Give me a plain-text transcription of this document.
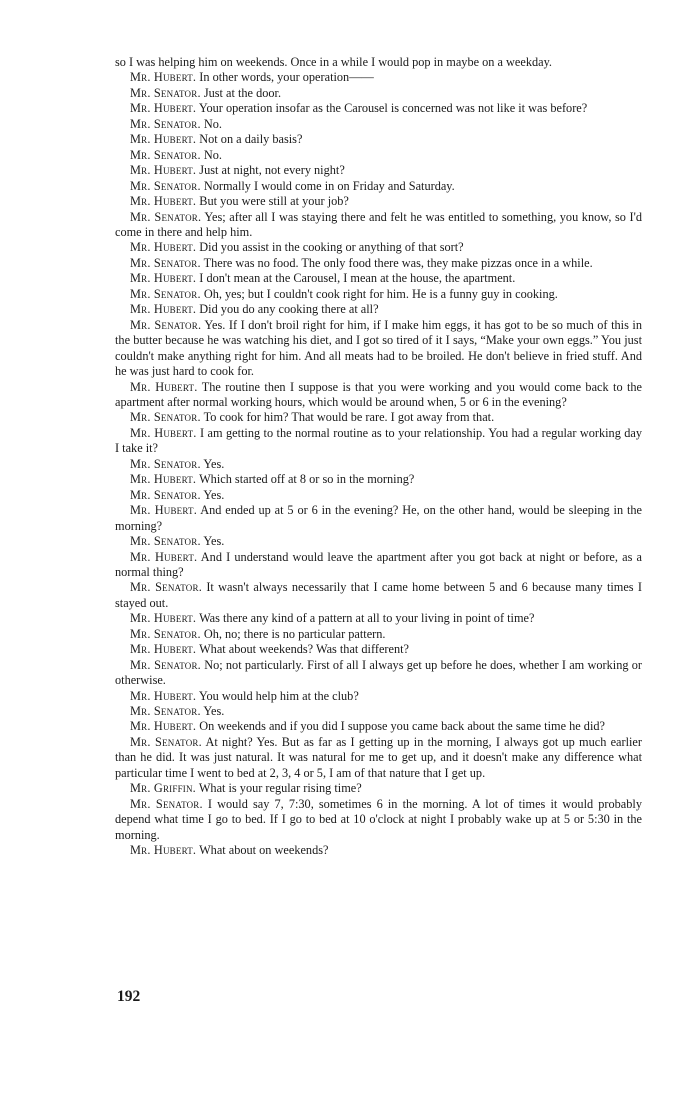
so I was helping him on weekends. Once in a while I would pop in maybe on a weekday.

Mr. Hubert. In other words, your operation——

Mr. Senator. Just at the door.

Mr. Hubert. Your operation insofar as the Carousel is concerned was not like it was before?

Mr. Senator. No.

Mr. Hubert. Not on a daily basis?

Mr. Senator. No.

Mr. Hubert. Just at night, not every night?

Mr. Senator. Normally I would come in on Friday and Saturday.

Mr. Hubert. But you were still at your job?

Mr. Senator. Yes; after all I was staying there and felt he was entitled to something, you know, so I'd come in there and help him.

Mr. Hubert. Did you assist in the cooking or anything of that sort?

Mr. Senator. There was no food. The only food there was, they make pizzas once in a while.

Mr. Hubert. I don't mean at the Carousel, I mean at the house, the apartment.

Mr. Senator. Oh, yes; but I couldn't cook right for him. He is a funny guy in cooking.

Mr. Hubert. Did you do any cooking there at all?

Mr. Senator. Yes. If I don't broil right for him, if I make him eggs, it has got to be so much of this in the butter because he was watching his diet, and I got so tired of it I says, “Make your own eggs.” You just couldn't make anything right for him. And all meats had to be broiled. He don't believe in fried stuff. And he was just hard to cook for.

Mr. Hubert. The routine then I suppose is that you were working and you would come back to the apartment after normal working hours, which would be around when, 5 or 6 in the evening?

Mr. Senator. To cook for him? That would be rare. I got away from that.

Mr. Hubert. I am getting to the normal routine as to your relationship. You had a regular working day I take it?

Mr. Senator. Yes.

Mr. Hubert. Which started off at 8 or so in the morning?

Mr. Senator. Yes.

Mr. Hubert. And ended up at 5 or 6 in the evening? He, on the other hand, would be sleeping in the morning?

Mr. Senator. Yes.

Mr. Hubert. And I understand would leave the apartment after you got back at night or before, as a normal thing?

Mr. Senator. It wasn't always necessarily that I came home between 5 and 6 because many times I stayed out.

Mr. Hubert. Was there any kind of a pattern at all to your living in point of time?

Mr. Senator. Oh, no; there is no particular pattern.

Mr. Hubert. What about weekends? Was that different?

Mr. Senator. No; not particularly. First of all I always get up before he does, whether I am working or otherwise.

Mr. Hubert. You would help him at the club?

Mr. Senator. Yes.

Mr. Hubert. On weekends and if you did I suppose you came back about the same time he did?

Mr. Senator. At night? Yes. But as far as I getting up in the morning, I always got up much earlier than he did. It was just natural. It was natural for me to get up, and it doesn't make any difference what particular time I went to bed at 2, 3, 4 or 5, I am of that nature that I get up.

Mr. Griffin. What is your regular rising time?

Mr. Senator. I would say 7, 7:30, sometimes 6 in the morning. A lot of times it would probably depend what time I go to bed. If I go to bed at 10 o'clock at night I probably wake up at 5 or 5:30 in the morning.

Mr. Hubert. What about on weekends?

192
